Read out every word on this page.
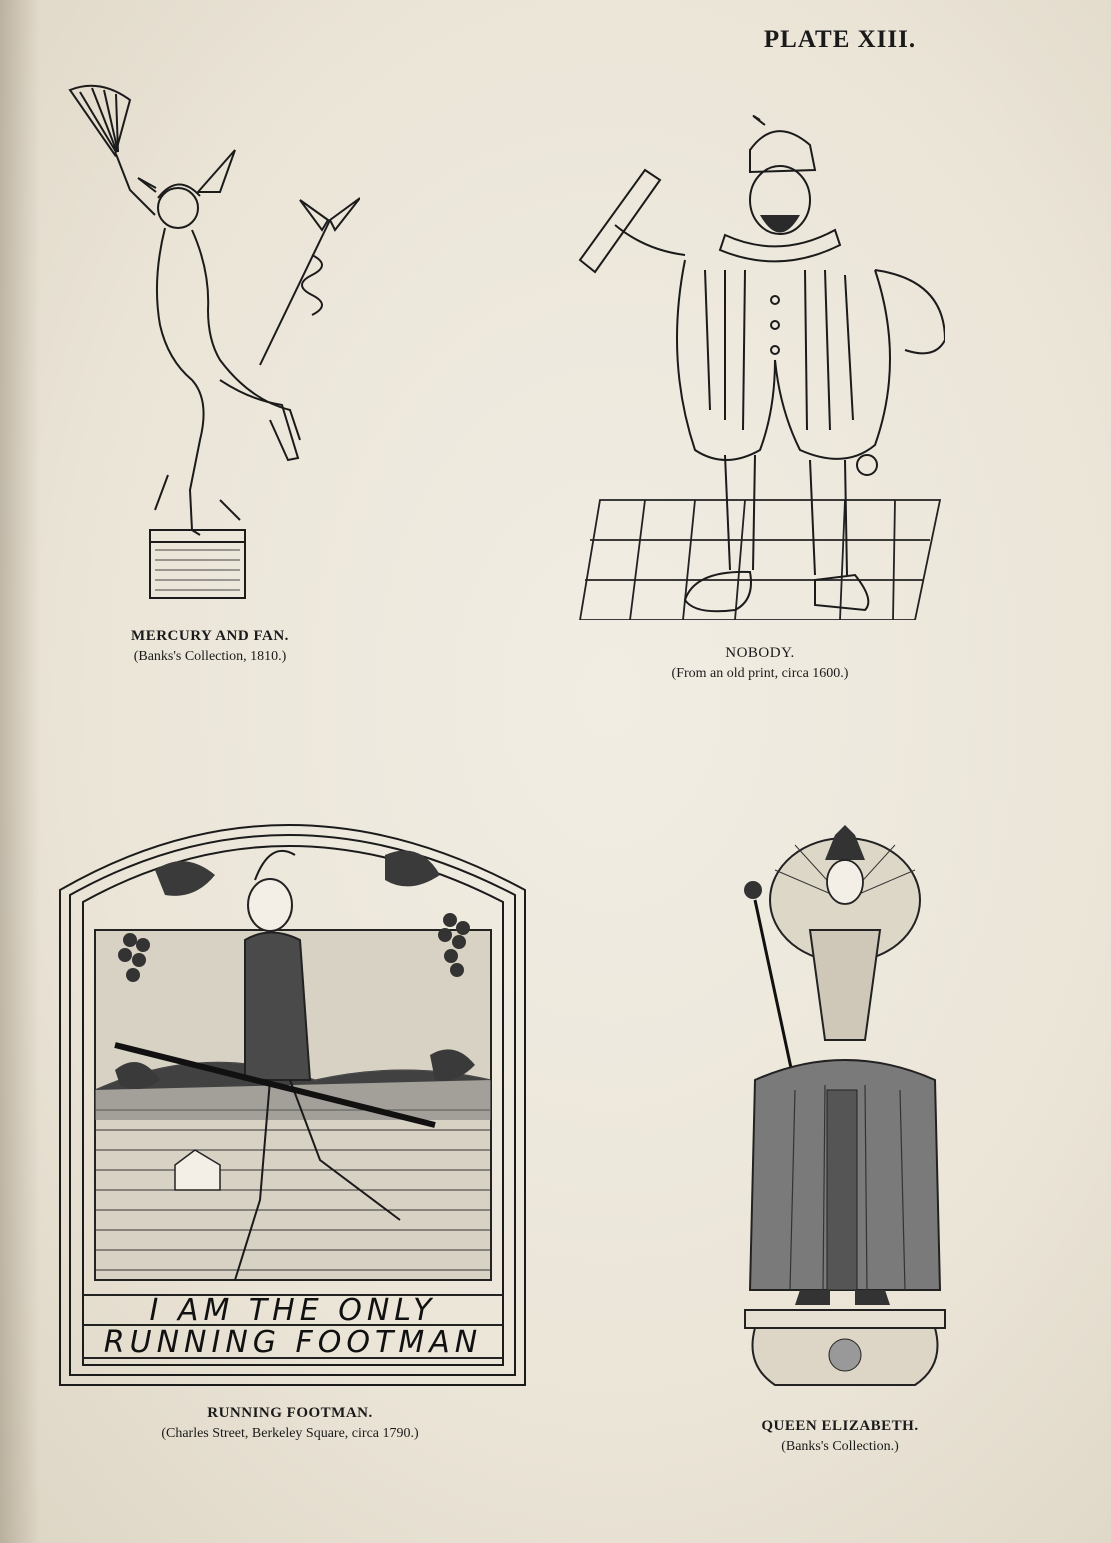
PLATE XIII.
MERCURY AND FAN.
(Banks's Collection, 1810.)	NOBODY.
(From an old print, circa 1600.)
I AM THE ONLY
RUNNING FOOTMAN
RUNNING FOOTMAN.
(Charles Street, Berkeley Square, circa 1790.)	QUEEN ELIZABETH.
(Banks's Collection.)
